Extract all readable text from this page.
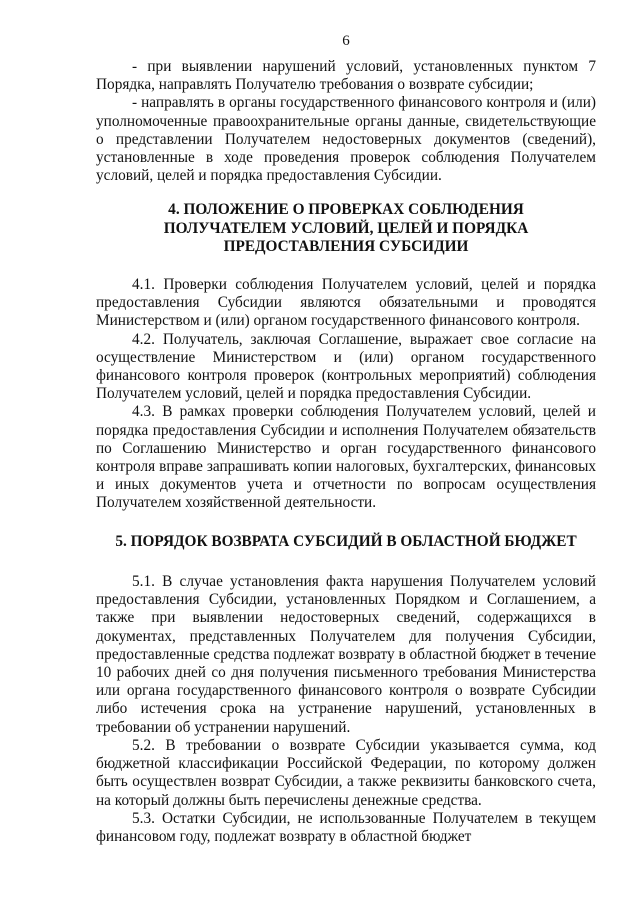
6

- при выявлении нарушений условий, установленных пунктом 7 Порядка, направлять Получателю требования о возврате субсидии;

- направлять в органы государственного финансового контроля и (или) уполномоченные правоохранительные органы данные, свидетельствующие о представлении Получателем недостоверных документов (сведений), установленные в ходе проведения проверок соблюдения Получателем условий, целей и порядка предоставления Субсидии.

4. ПОЛОЖЕНИЕ О ПРОВЕРКАХ СОБЛЮДЕНИЯ
ПОЛУЧАТЕЛЕМ УСЛОВИЙ, ЦЕЛЕЙ И ПОРЯДКА
ПРЕДОСТАВЛЕНИЯ СУБСИДИИ

4.1. Проверки соблюдения Получателем условий, целей и порядка предоставления Субсидии являются обязательными и проводятся Министерством и (или) органом государственного финансового контроля.

4.2. Получатель, заключая Соглашение, выражает свое согласие на осуществление Министерством и (или) органом государственного финансового контроля проверок (контрольных мероприятий) соблюдения Получателем условий, целей и порядка предоставления Субсидии.

4.3. В рамках проверки соблюдения Получателем условий, целей и порядка предоставления Субсидии и исполнения Получателем обязательств по Соглашению Министерство и орган государственного финансового контроля вправе запрашивать копии налоговых, бухгалтерских, финансовых и иных документов учета и отчетности по вопросам осуществления Получателем хозяйственной деятельности.

5. ПОРЯДОК ВОЗВРАТА СУБСИДИЙ В ОБЛАСТНОЙ БЮДЖЕТ

5.1. В случае установления факта нарушения Получателем условий предоставления Субсидии, установленных Порядком и Соглашением, а также при выявлении недостоверных сведений, содержащихся в документах, представленных Получателем для получения Субсидии, предоставленные средства подлежат возврату в областной бюджет в течение 10 рабочих дней со дня получения письменного требования Министерства или органа государственного финансового контроля о возврате Субсидии либо истечения срока на устранение нарушений, установленных в требовании об устранении нарушений.

5.2. В требовании о возврате Субсидии указывается сумма, код бюджетной классификации Российской Федерации, по которому должен быть осуществлен возврат Субсидии, а также реквизиты банковского счета, на который должны быть перечислены денежные средства.

5.3. Остатки Субсидии, не использованные Получателем в текущем финансовом году, подлежат возврату в областной бюджет
